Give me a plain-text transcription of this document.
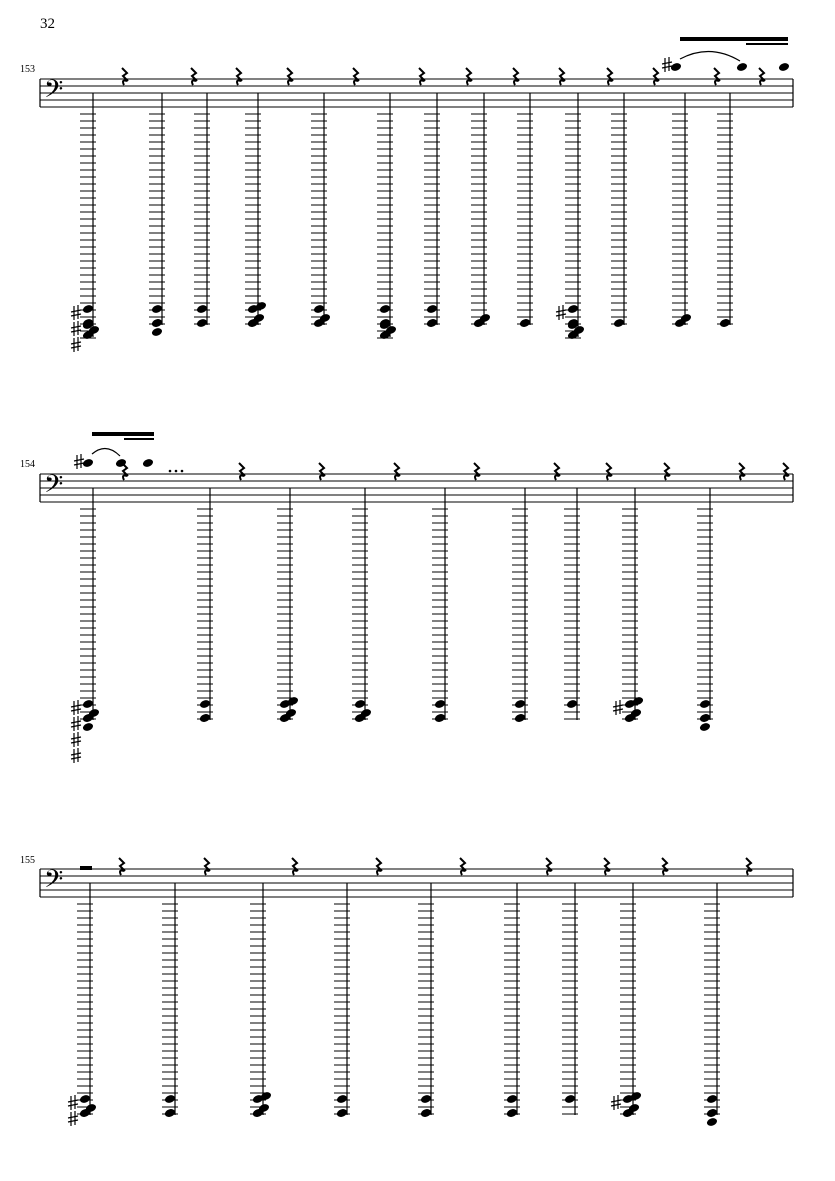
32
153
154
155
𝄢
𝄢
𝄢
